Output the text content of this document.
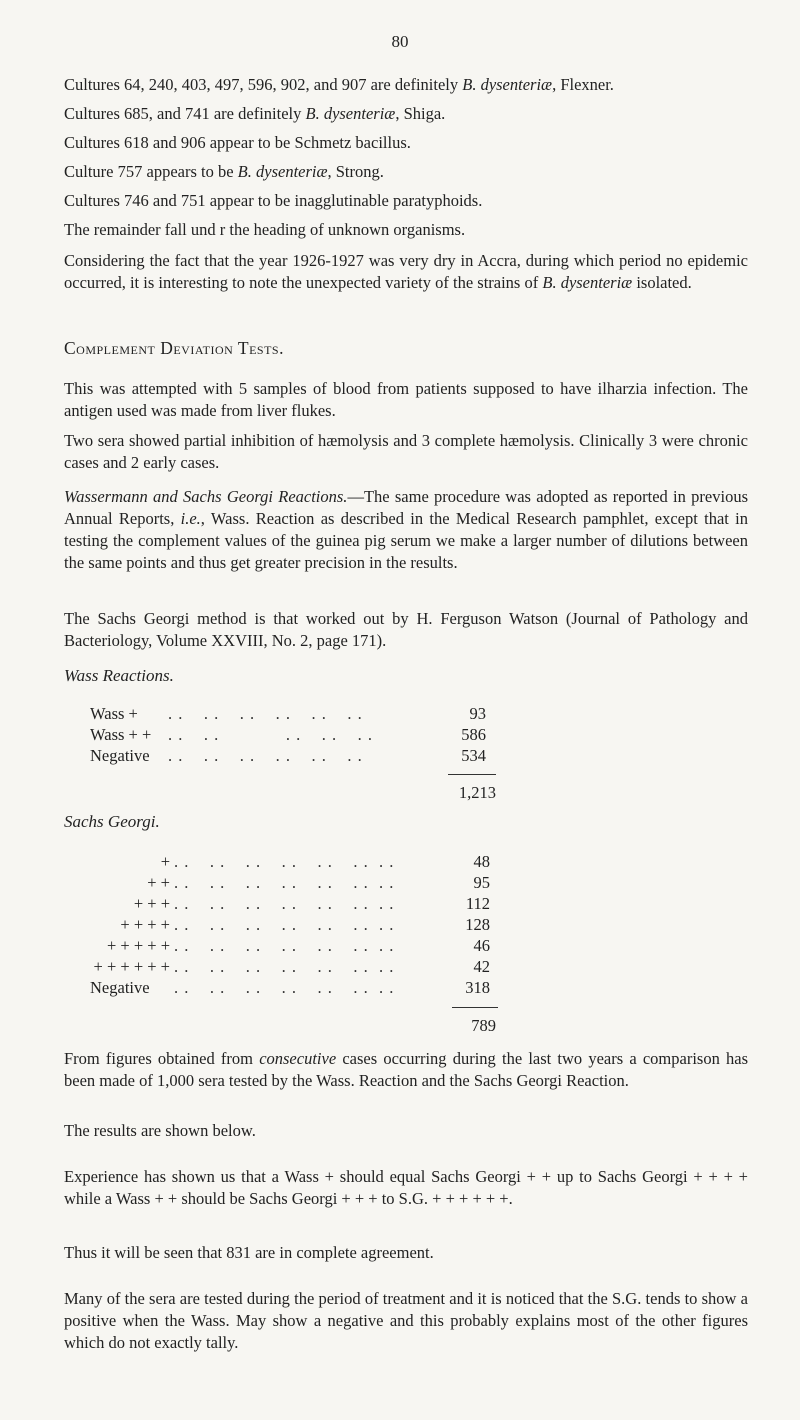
80
Cultures 64, 240, 403, 497, 596, 902, and 907 are definitely B. dysenteriæ, Flexner.
Cultures 685, and 741 are definitely B. dysenteriæ, Shiga.
Cultures 618 and 906 appear to be Schmetz bacillus.
Culture 757 appears to be B. dysenteriæ, Strong.
Cultures 746 and 751 appear to be inagglutinable paratyphoids.
The remainder fall und r the heading of unknown organisms.
Considering the fact that the year 1926-1927 was very dry in Accra, during which period no epidemic occurred, it is interesting to note the unexpected variety of the strains of B. dysenteriæ isolated.
Complement Deviation Tests.
This was attempted with 5 samples of blood from patients supposed to have ilharzia infection. The antigen used was made from liver flukes.
Two sera showed partial inhibition of hæmolysis and 3 complete hæmolysis. Clinically 3 were chronic cases and 2 early cases.
Wassermann and Sachs Georgi Reactions.—The same procedure was adopted as reported in previous Annual Reports, i.e., Wass. Reaction as described in the Medical Research pamphlet, except that in testing the complement values of the guinea pig serum we make a larger number of dilutions between the same points and thus get greater precision in the results.
The Sachs Georgi method is that worked out by H. Ferguson Watson (Journal of Pathology and Bacteriology, Volume XXVIII, No. 2, page 171).
Wass Reactions.
Wass + . .    . .    . .    . .    . .    . .	93
Wass + + . .    . .             . .    . .    . .	586
Negative . .    . .    . .    . .    . .    . .	534
1,213
Sachs Georgi.
+ . .    . .    . .    . .    . .    . .  . .	48
+ + . .    . .    . .    . .    . .    . .  . .	95
+ + + . .    . .    . .    . .    . .    . .  . .	112
+ + + + . .    . .    . .    . .    . .    . .  . .	128
+ + + + + . .    . .    . .    . .    . .    . .  . .	46
+ + + + + + . .    . .    . .    . .    . .    . .  . .	42
Negative . .    . .    . .    . .    . .    . .  . .	318
789
From figures obtained from consecutive cases occurring during the last two years a comparison has been made of 1,000 sera tested by the Wass. Reaction and the Sachs Georgi Reaction.
The results are shown below.
Experience has shown us that a Wass + should equal Sachs Georgi + + up to Sachs Georgi + + + + while a Wass + + should be Sachs Georgi + + + to S.G. + + + + + +.
Thus it will be seen that 831 are in complete agreement.
Many of the sera are tested during the period of treatment and it is noticed that the S.G. tends to show a positive when the Wass. May show a negative and this probably explains most of the other figures which do not exactly tally.
